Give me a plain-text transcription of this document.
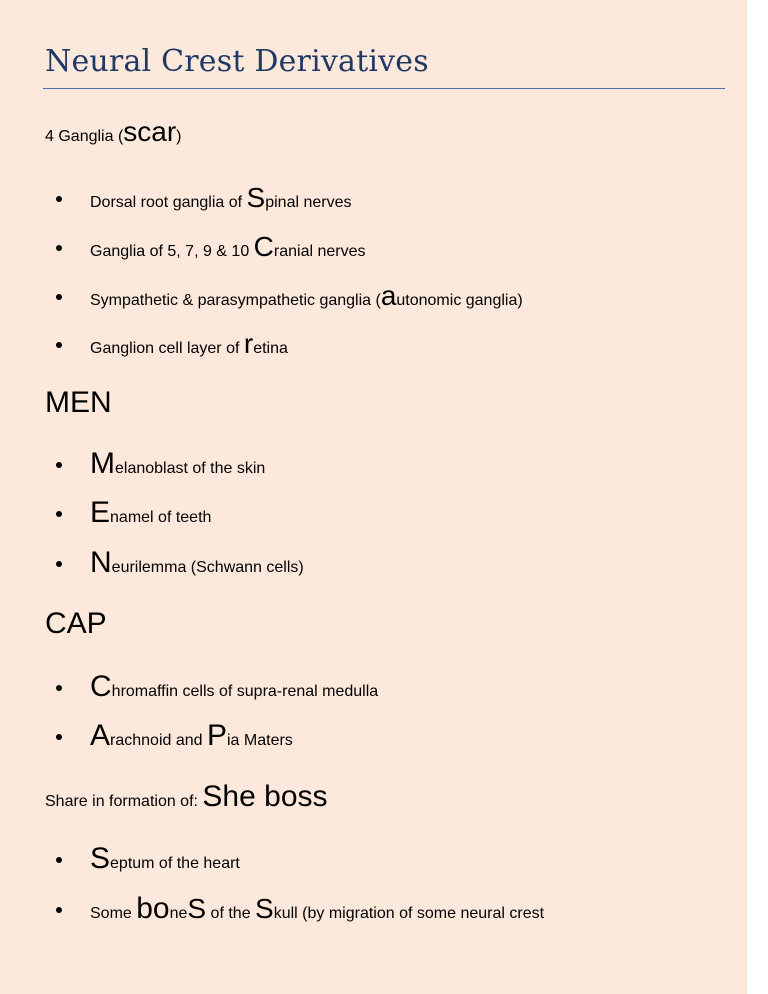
Neural Crest Derivatives
4 Ganglia (scar)
Dorsal root ganglia of Spinal nerves
Ganglia of 5, 7, 9 & 10 Cranial nerves
Sympathetic & parasympathetic ganglia (autonomic ganglia)
Ganglion cell layer of retina
MEN
Melanoblast of the skin
Enamel of teeth
Neurilemma (Schwann cells)
CAP
Chromaffin cells of supra-renal medulla
Arachnoid and Pia Maters
Share in formation of: She boss
Septum of the heart
Some boneS of the Skull (by migration of some neural crest
